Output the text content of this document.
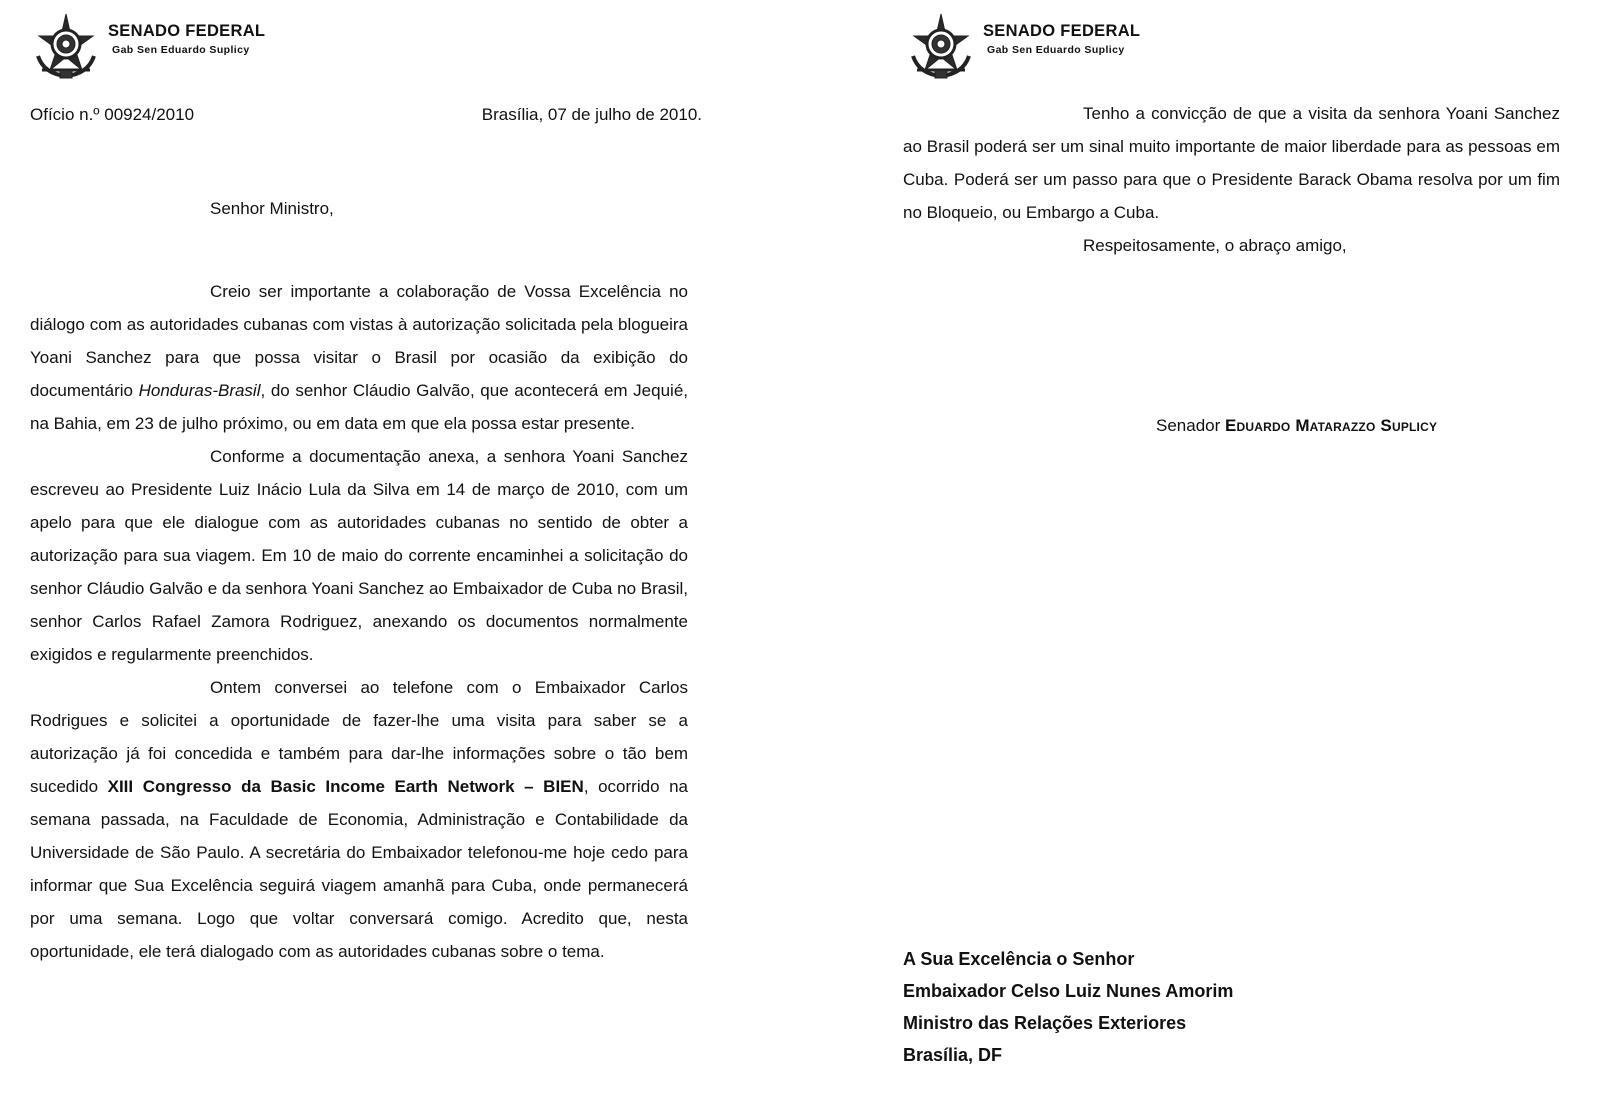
SENADO FEDERAL
Gab Sen Eduardo Suplicy
Ofício n.º 00924/2010	Brasília, 07 de julho de 2010.
Senhor Ministro,

Creio ser importante a colaboração de Vossa Excelência no diálogo com as autoridades cubanas com vistas à autorização solicitada pela blogueira Yoani Sanchez para que possa visitar o Brasil por ocasião da exibição do documentário Honduras-Brasil, do senhor Cláudio Galvão, que acontecerá em Jequié, na Bahia, em 23 de julho próximo, ou em data em que ela possa estar presente.

Conforme a documentação anexa, a senhora Yoani Sanchez escreveu ao Presidente Luiz Inácio Lula da Silva em 14 de março de 2010, com um apelo para que ele dialogue com as autoridades cubanas no sentido de obter a autorização para sua viagem. Em 10 de maio do corrente encaminhei a solicitação do senhor Cláudio Galvão e da senhora Yoani Sanchez ao Embaixador de Cuba no Brasil, senhor Carlos Rafael Zamora Rodriguez, anexando os documentos normalmente exigidos e regularmente preenchidos.

Ontem conversei ao telefone com o Embaixador Carlos Rodrigues e solicitei a oportunidade de fazer-lhe uma visita para saber se a autorização já foi concedida e também para dar-lhe informações sobre o tão bem sucedido XIII Congresso da Basic Income Earth Network – BIEN, ocorrido na semana passada, na Faculdade de Economia, Administração e Contabilidade da Universidade de São Paulo. A secretária do Embaixador telefonou-me hoje cedo para informar que Sua Excelência seguirá viagem amanhã para Cuba, onde permanecerá por uma semana. Logo que voltar conversará comigo. Acredito que, nesta oportunidade, ele terá dialogado com as autoridades cubanas sobre o tema.

SENADO FEDERAL
Gab Sen Eduardo Suplicy

Tenho a convicção de que a visita da senhora Yoani Sanchez ao Brasil poderá ser um sinal muito importante de maior liberdade para as pessoas em Cuba. Poderá ser um passo para que o Presidente Barack Obama resolva por um fim no Bloqueio, ou Embargo a Cuba.

Respeitosamente, o abraço amigo,

Senador Eduardo Matarazzo Suplicy
A Sua Excelência o Senhor
Embaixador Celso Luiz Nunes Amorim
Ministro das Relações Exteriores
Brasília, DF
